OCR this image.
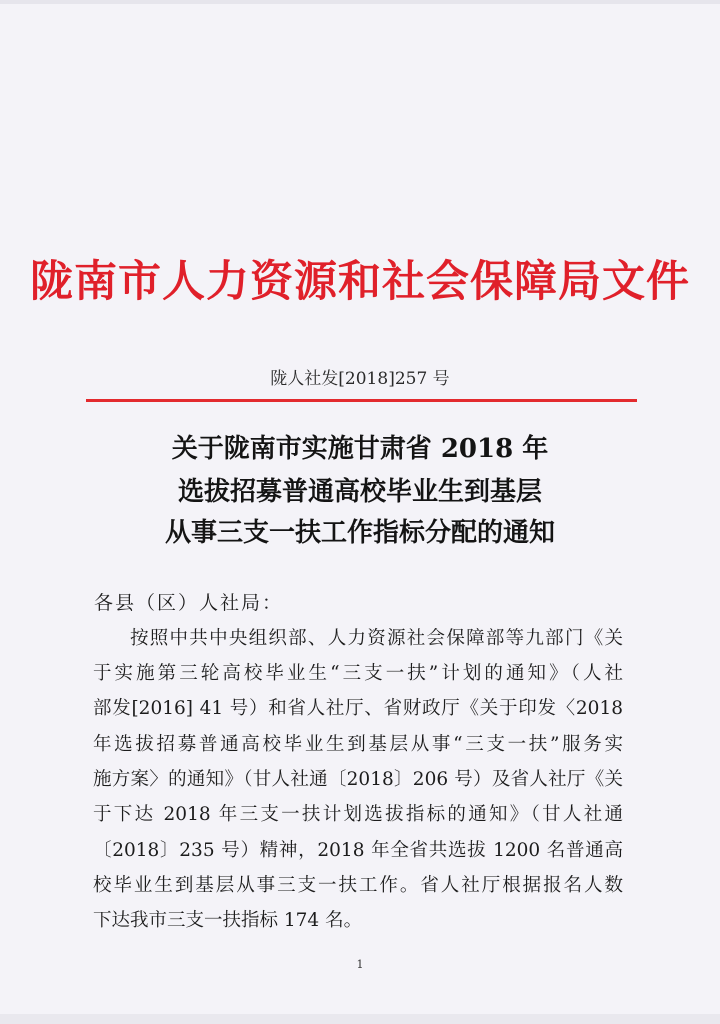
陇南市人力资源和社会保障局文件
陇人社发[2018]257 号
关于陇南市实施甘肃省 2018 年
选拔招募普通高校毕业生到基层
从事三支一扶工作指标分配的通知
各县（区）人社局：
按照中共中央组织部、人力资源社会保障部等九部门《关
于实施第三轮高校毕业生“三支一扶”计划的通知》（人社
部发[2016] 41 号）和省人社厅、省财政厅《关于印发〈2018
年选拔招募普通高校毕业生到基层从事“三支一扶”服务实
施方案〉的通知》（甘人社通〔2018〕206 号）及省人社厅《关
于下达 2018 年三支一扶计划选拔指标的通知》（甘人社通
〔2018〕235 号）精神，2018 年全省共选拔 1200 名普通高
校毕业生到基层从事三支一扶工作。省人社厅根据报名人数
下达我市三支一扶指标 174 名。
1
